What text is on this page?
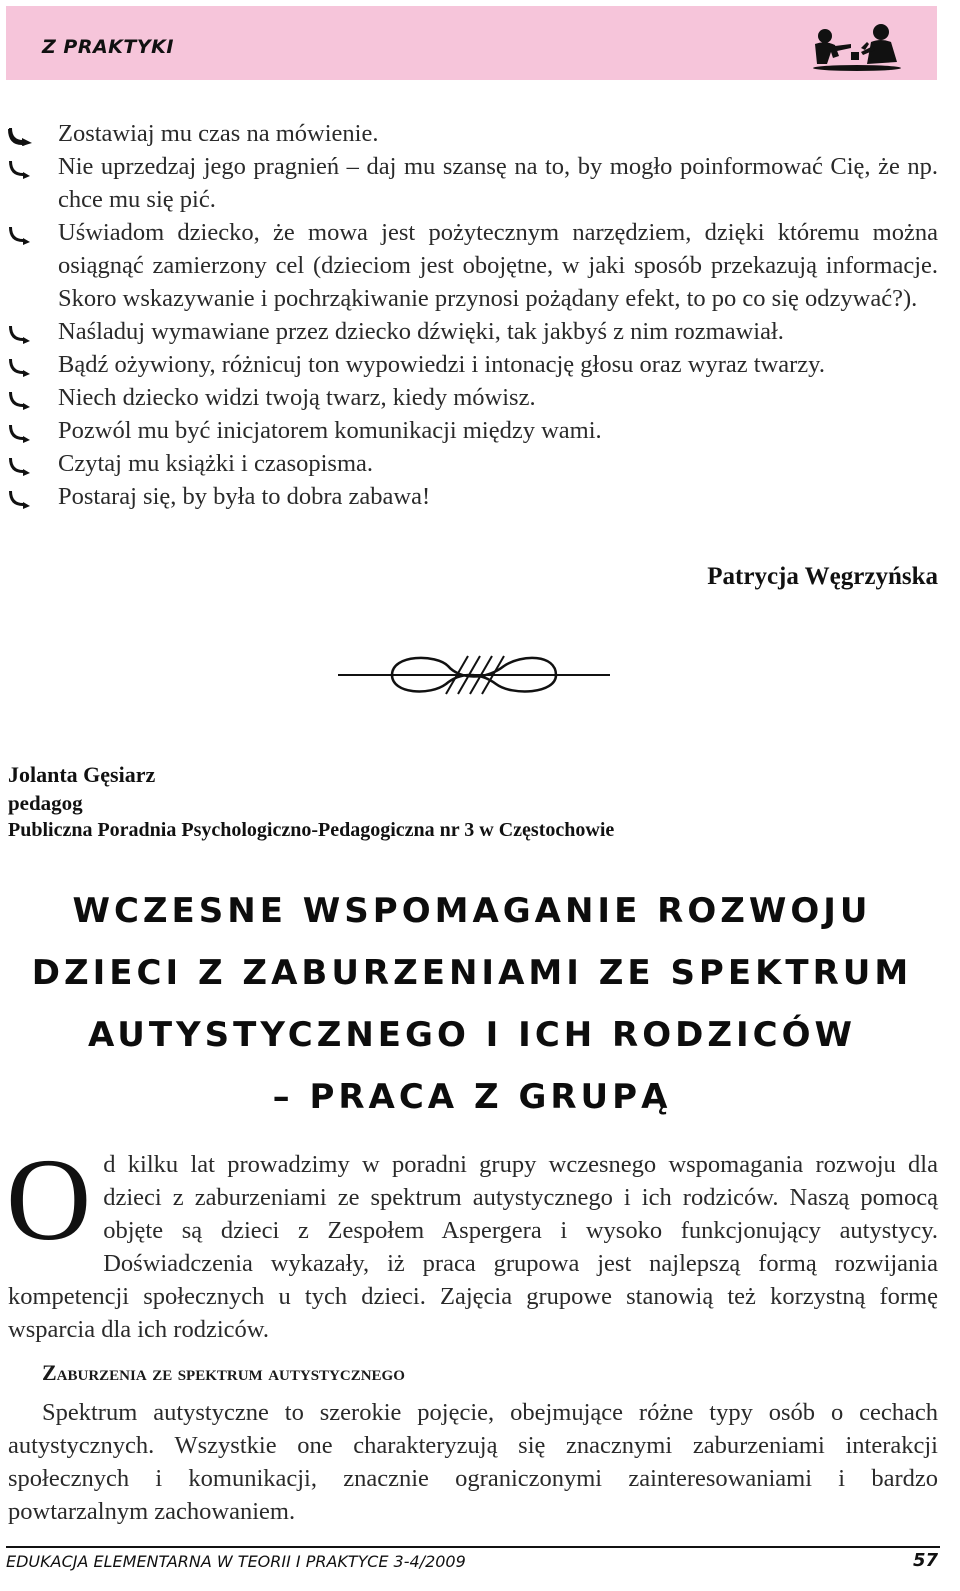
Z PRAKTYKI
Zostawiaj mu czas na mówienie.
Nie uprzedzaj jego pragnień – daj mu szansę na to, by mogło poinformować Cię, że np. chce mu się pić.
Uświadom dziecko, że mowa jest pożytecznym narzędziem, dzięki któremu można osiągnąć zamierzony cel (dzieciom jest obojętne, w jaki sposób przekazują informacje. Skoro wskazywanie i pochrząkiwanie przynosi pożądany efekt, to po co się odzywać?).
Naśladuj wymawiane przez dziecko dźwięki, tak jakbyś z nim rozmawiał.
Bądź ożywiony, różnicuj ton wypowiedzi i intonację głosu oraz wyraz twarzy.
Niech dziecko widzi twoją twarz, kiedy mówisz.
Pozwól mu być inicjatorem komunikacji między wami.
Czytaj mu książki i czasopisma.
Postaraj się, by była to dobra zabawa!
Patrycja Węgrzyńska
Jolanta Gęsiarz
pedagog
Publiczna Poradnia Psychologiczno-Pedagogiczna nr 3 w Częstochowie
WCZESNE WSPOMAGANIE ROZWOJU
DZIECI Z ZABURZENIAMI ZE SPEKTRUM
AUTYSTYCZNEGO I ICH RODZICÓW
– PRACA Z GRUPĄ
O d kilku lat prowadzimy w poradni grupy wczesnego wspomagania rozwoju dla dzieci z zaburzeniami ze spektrum autystycznego i ich rodziców. Naszą pomocą objęte są dzieci z Zespołem Aspergera i wysoko funkcjonujący autystycy. Doświadczenia wykazały, iż praca grupowa jest najlepszą formą rozwijania kompetencji społecznych u tych dzieci. Zajęcia grupowe stanowią też korzystną formę wsparcia dla ich rodziców.
Zaburzenia ze spektrum autystycznego

Spektrum autystyczne to szerokie pojęcie, obejmujące różne typy osób o cechach autystycznych. Wszystkie one charakteryzują się znacznymi zaburzeniami interakcji społecznych i komunikacji, znacznie ograniczonymi zainteresowaniami i bardzo powtarzalnym zachowaniem.

EDUKACJA ELEMENTARNA W TEORII I PRAKTYCE 3-4/2009	57
